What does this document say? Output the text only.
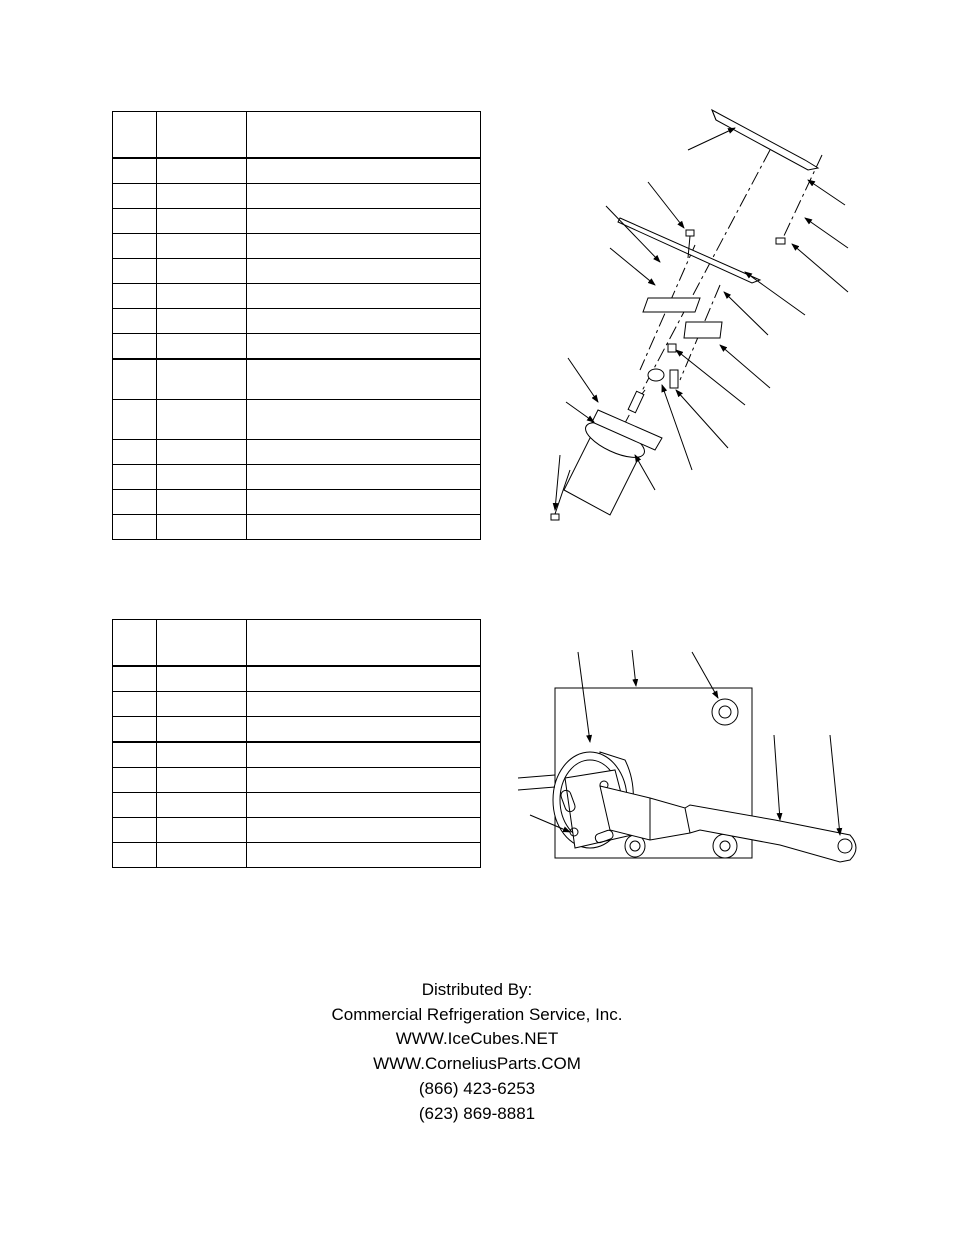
Distributed By:
Commercial Refrigeration Service, Inc.
WWW.IceCubes.NET
WWW.CorneliusParts.COM
(866) 423-6253
(623) 869-8881
